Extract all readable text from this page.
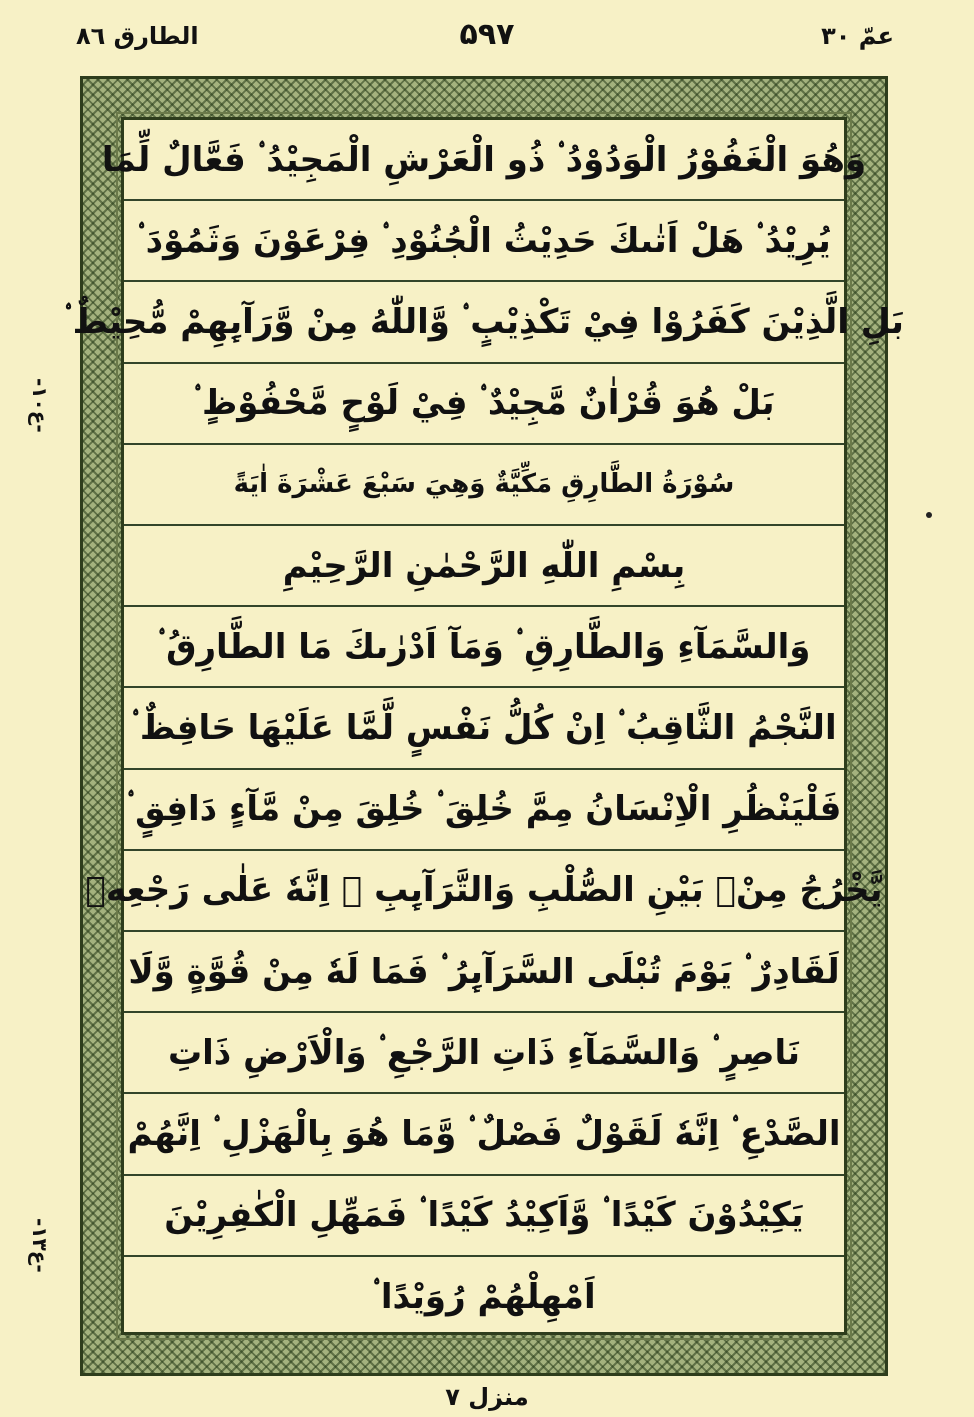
الطارق ٨٦	۵۹۷	عمّ ٣٠
-ع١٠-
-ع١٣-
وَهُوَ الْغَفُوْرُ الْوَدُوْدُ ۟ ذُو الْعَرْشِ الْمَجِيْدُ ۟ فَعَّالٌ لِّمَا
يُرِيْدُ ۟ هَلْ اَتٰىكَ حَدِيْثُ الْجُنُوْدِ ۟ فِرْعَوْنَ وَثَمُوْدَ ۟
بَلِ الَّذِيْنَ كَفَرُوْا فِيْ تَكْذِيْبٍ ۟ وَّاللّٰهُ مِنْ وَّرَآىِٕهِمْ مُّحِيْطٌ ۟
بَلْ هُوَ قُرْاٰنٌ مَّجِيْدٌ ۟ فِيْ لَوْحٍ مَّحْفُوْظٍ ۟
سُوْرَةُ الطَّارِقِ مَكِّيَّةٌ وَهِيَ سَبْعَ عَشْرَةَ اٰيَةً
بِسْمِ اللّٰهِ الرَّحْمٰنِ الرَّحِيْمِ
وَالسَّمَآءِ وَالطَّارِقِ ۟ وَمَآ اَدْرٰىكَ مَا الطَّارِقُ ۟
النَّجْمُ الثَّاقِبُ ۟ اِنْ كُلُّ نَفْسٍ لَّمَّا عَلَيْهَا حَافِظٌ ۟
فَلْيَنْظُرِ الْاِنْسَانُ مِمَّ خُلِقَ ۟ خُلِقَ مِنْ مَّآءٍ دَافِقٍ ۟
يَّخْرُجُ مِنْۢ بَيْنِ الصُّلْبِ وَالتَّرَآىِٕبِ ۟ اِنَّهٗ عَلٰى رَجْعِهٖ
لَقَادِرٌ ۟ يَوْمَ تُبْلَى السَّرَآىِٕرُ ۟ فَمَا لَهٗ مِنْ قُوَّةٍ وَّلَا
نَاصِرٍ ۟ وَالسَّمَآءِ ذَاتِ الرَّجْعِ ۟ وَالْاَرْضِ ذَاتِ
الصَّدْعِ ۟ اِنَّهٗ لَقَوْلٌ فَصْلٌ ۟ وَّمَا هُوَ بِالْهَزْلِ ۟ اِنَّهُمْ
يَكِيْدُوْنَ كَيْدًا ۟ وَّاَكِيْدُ كَيْدًا ۟ فَمَهِّلِ الْكٰفِرِيْنَ
اَمْهِلْهُمْ رُوَيْدًا ۟
منزل ٧
